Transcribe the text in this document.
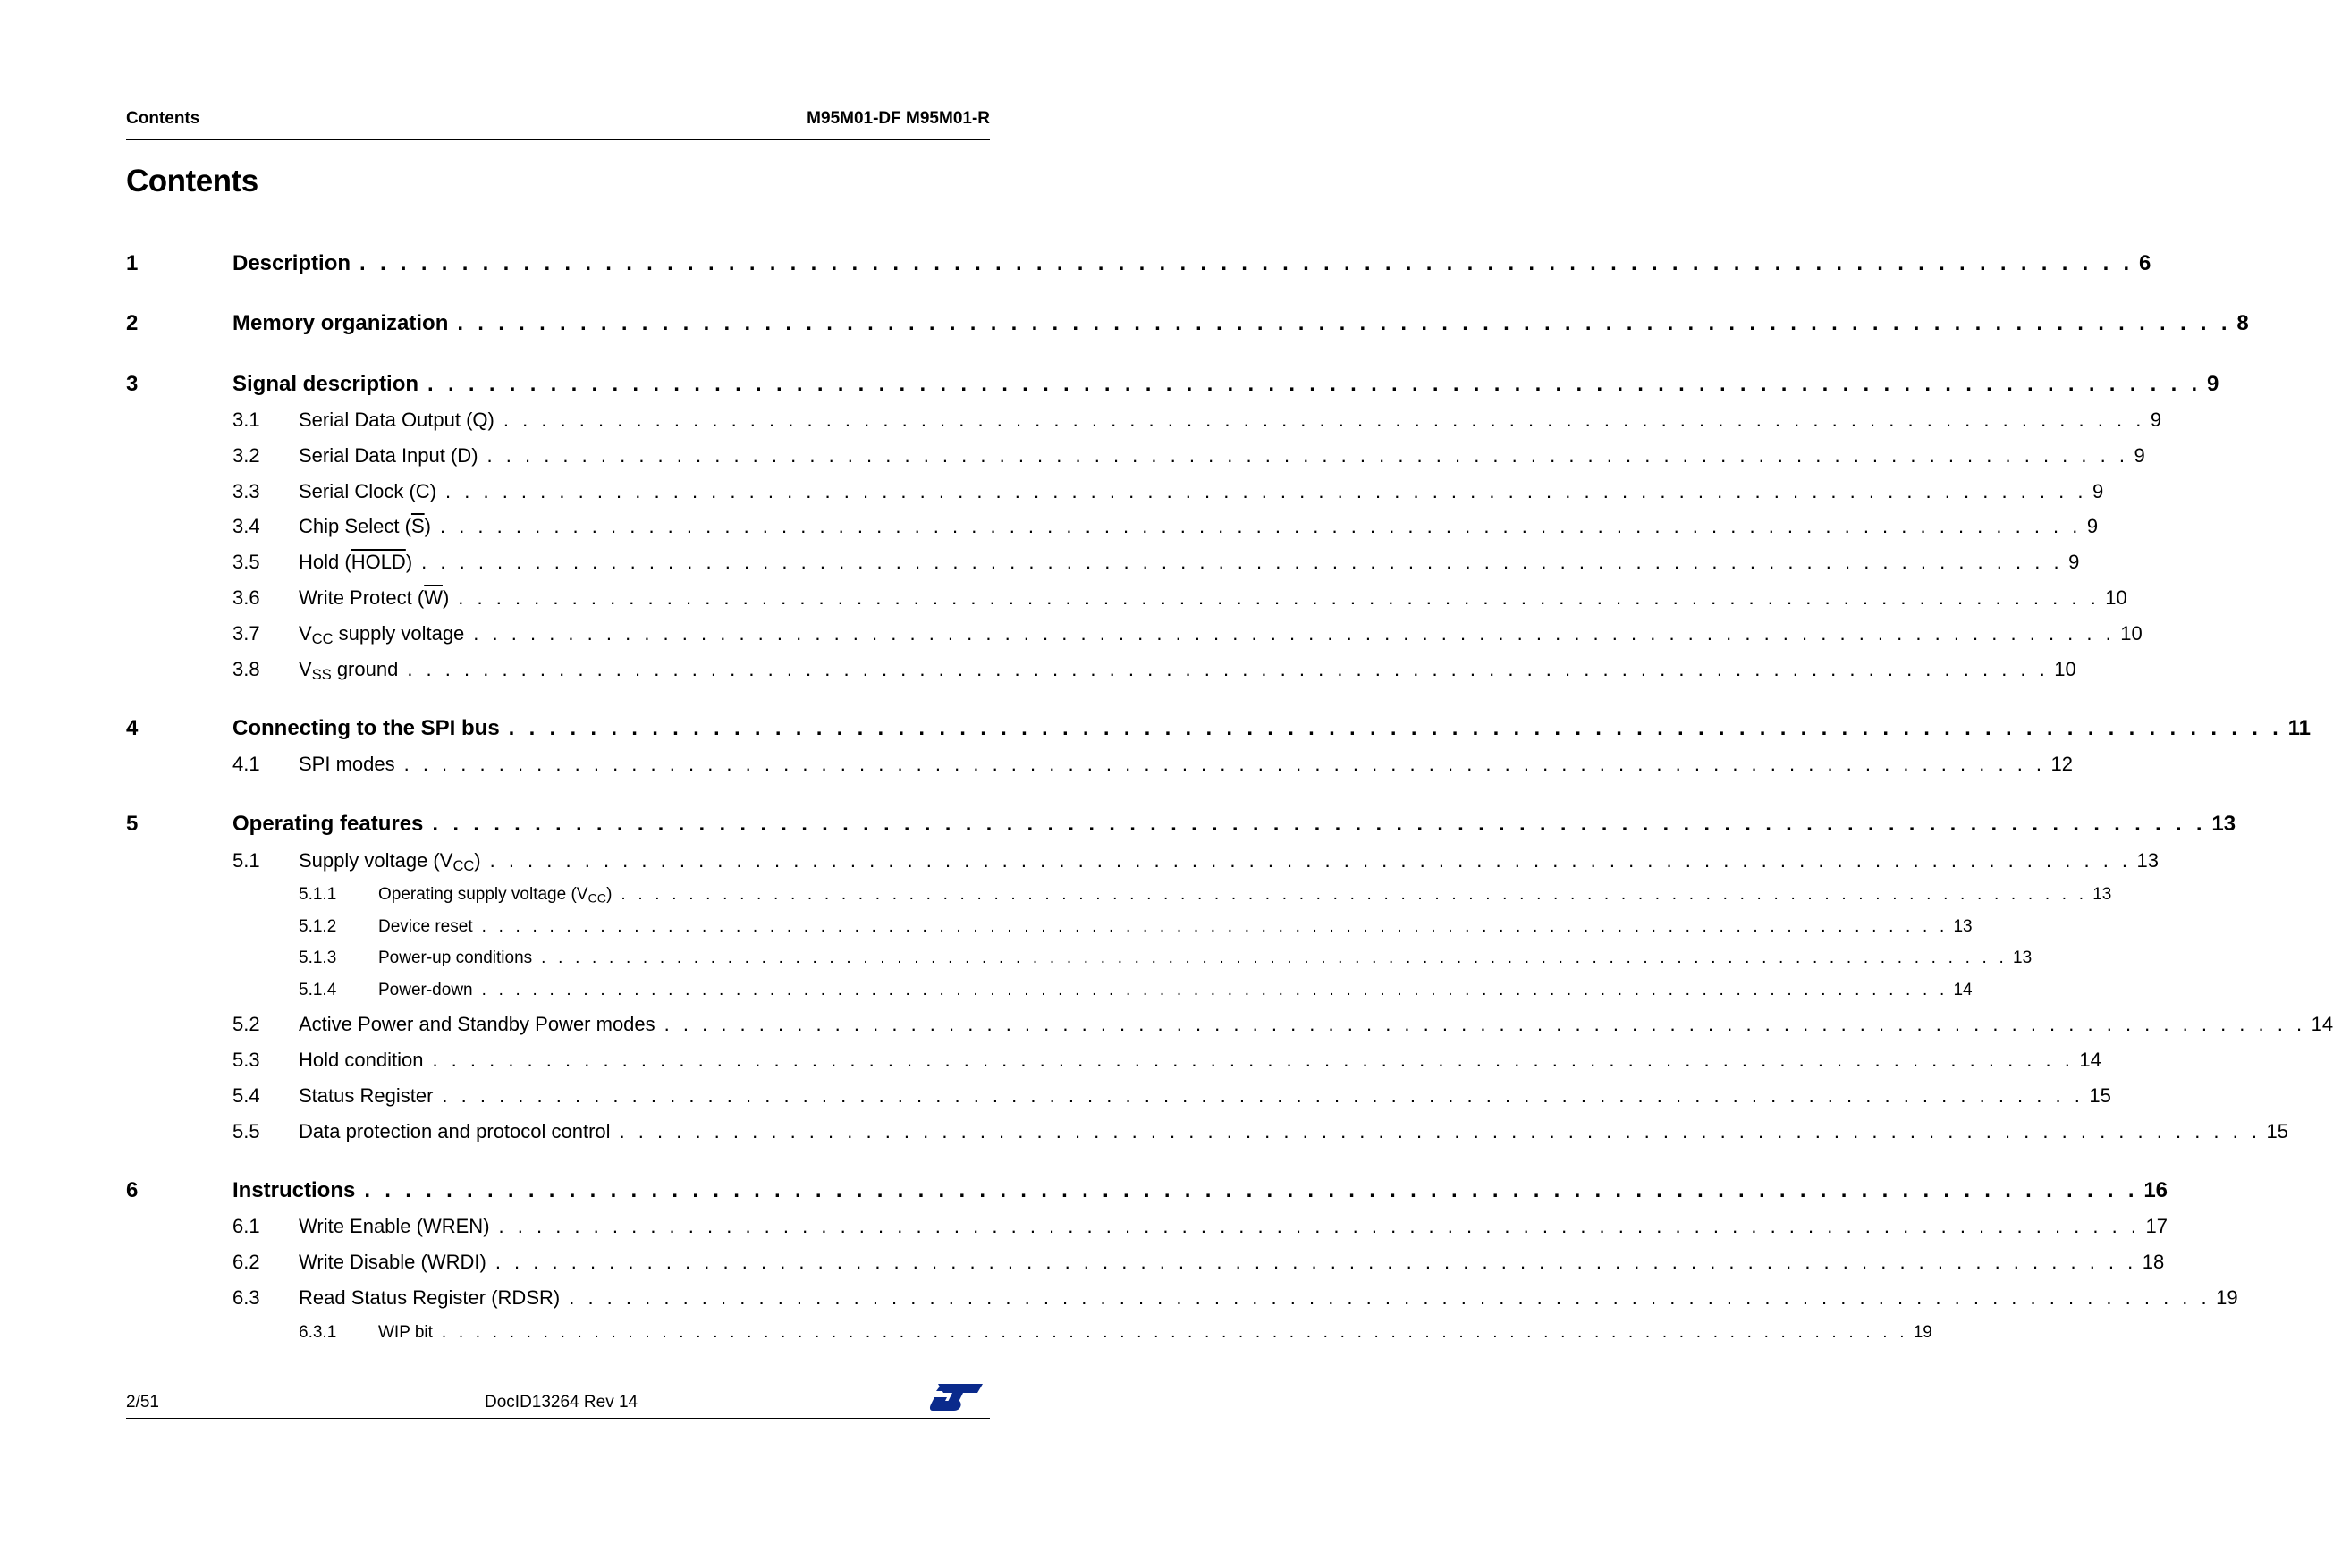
Contents	M95M01-DF M95M01-R
Contents
1	Description . . . . . . . . . . . . . . . . . . . . . . . . . . . . . . . . . . . . . . . . . . . . . . . . . . . . . . . . . . . . . . . . . . . . . . . . . . . . . . . . . . . . . . . 6
2	Memory organization . . . . . . . . . . . . . . . . . . . . . . . . . . . . . . . . . . . . . . . . . . . . . . . . . . . . . . . . . . . . . . . . . . . . . . . . . . . . . . . . . . . . . . . 8
3	Signal description . . . . . . . . . . . . . . . . . . . . . . . . . . . . . . . . . . . . . . . . . . . . . . . . . . . . . . . . . . . . . . . . . . . . . . . . . . . . . . . . . . . . . . . 9
3.1	Serial Data Output (Q) . . . . . . . . . . . . . . . . . . . . . . . . . . . . . . . . . . . . . . . . . . . . . . . . . . . . . . . . . . . . . . . . . . . . . . . . . . . . . . . . . . . . . . . 9
3.2	Serial Data Input (D) . . . . . . . . . . . . . . . . . . . . . . . . . . . . . . . . . . . . . . . . . . . . . . . . . . . . . . . . . . . . . . . . . . . . . . . . . . . . . . . . . . . . . . . 9
3.3	Serial Clock (C) . . . . . . . . . . . . . . . . . . . . . . . . . . . . . . . . . . . . . . . . . . . . . . . . . . . . . . . . . . . . . . . . . . . . . . . . . . . . . . . . . . . . . . . 9
3.4	Chip Select $(\overline{S})$ . . . . . . . . . . . . . . . . . . . . . . . . . . . . . . . . . . . . . . . . . . . . . . . . . . . . . . . . . . . . . . . . . . . . . . . . . . . . . . . . . . . . . . . 9
3.5	Hold (HOLD) . . . . . . . . . . . . . . . . . . . . . . . . . . . . . . . . . . . . . . . . . . . . . . . . . . . . . . . . . . . . . . . . . . . . . . . . . . . . . . . . . . . . . . . 9
3.6	Write Protect $(\overline{W})$ . . . . . . . . . . . . . . . . . . . . . . . . . . . . . . . . . . . . . . . . . . . . . . . . . . . . . . . . . . . . . . . . . . . . . . . . . . . . . . . . . . . . . . . 10
3.7	$V_{CC}$ supply voltage . . . . . . . . . . . . . . . . . . . . . . . . . . . . . . . . . . . . . . . . . . . . . . . . . . . . . . . . . . . . . . . . . . . . . . . . . . . . . . . . . . . . . . . 10
3.8	$V_{SS}$ ground . . . . . . . . . . . . . . . . . . . . . . . . . . . . . . . . . . . . . . . . . . . . . . . . . . . . . . . . . . . . . . . . . . . . . . . . . . . . . . . . . . . . . . . 10
4	Connecting to the SPI bus . . . . . . . . . . . . . . . . . . . . . . . . . . . . . . . . . . . . . . . . . . . . . . . . . . . . . . . . . . . . . . . . . . . . . . . . . . . . . . . . . . . . . . . 11
4.1	SPI modes . . . . . . . . . . . . . . . . . . . . . . . . . . . . . . . . . . . . . . . . . . . . . . . . . . . . . . . . . . . . . . . . . . . . . . . . . . . . . . . . . . . . . . . 12
5	Operating features . . . . . . . . . . . . . . . . . . . . . . . . . . . . . . . . . . . . . . . . . . . . . . . . . . . . . . . . . . . . . . . . . . . . . . . . . . . . . . . . . . . . . . . 13
5.1	Supply voltage $(V_{CC})$ . . . . . . . . . . . . . . . . . . . . . . . . . . . . . . . . . . . . . . . . . . . . . . . . . . . . . . . . . . . . . . . . . . . . . . . . . . . . . . . . . . . . . . . 13
5.1.1	Operating supply voltage $(V_{CC})$ . . . . . . . . . . . . . . . . . . . . . . . . . . . . . . . . . . . . . . . . . . . . . . . . . . . . . . . . . . . . . . . . . . . . . . . . . . . . . . . . . . . . . . . 13
5.1.2	Device reset . . . . . . . . . . . . . . . . . . . . . . . . . . . . . . . . . . . . . . . . . . . . . . . . . . . . . . . . . . . . . . . . . . . . . . . . . . . . . . . . . . . . . . . 13
5.1.3	Power-up conditions . . . . . . . . . . . . . . . . . . . . . . . . . . . . . . . . . . . . . . . . . . . . . . . . . . . . . . . . . . . . . . . . . . . . . . . . . . . . . . . . . . . . . . . 13
5.1.4	Power-down . . . . . . . . . . . . . . . . . . . . . . . . . . . . . . . . . . . . . . . . . . . . . . . . . . . . . . . . . . . . . . . . . . . . . . . . . . . . . . . . . . . . . . . 14
5.2	Active Power and Standby Power modes . . . . . . . . . . . . . . . . . . . . . . . . . . . . . . . . . . . . . . . . . . . . . . . . . . . . . . . . . . . . . . . . . . . . . . . . . . . . . . . . . . . . . . . 14
5.3	Hold condition . . . . . . . . . . . . . . . . . . . . . . . . . . . . . . . . . . . . . . . . . . . . . . . . . . . . . . . . . . . . . . . . . . . . . . . . . . . . . . . . . . . . . . . 14
5.4	Status Register . . . . . . . . . . . . . . . . . . . . . . . . . . . . . . . . . . . . . . . . . . . . . . . . . . . . . . . . . . . . . . . . . . . . . . . . . . . . . . . . . . . . . . . 15
5.5	Data protection and protocol control . . . . . . . . . . . . . . . . . . . . . . . . . . . . . . . . . . . . . . . . . . . . . . . . . . . . . . . . . . . . . . . . . . . . . . . . . . . . . . . . . . . . . . . 15
6	Instructions . . . . . . . . . . . . . . . . . . . . . . . . . . . . . . . . . . . . . . . . . . . . . . . . . . . . . . . . . . . . . . . . . . . . . . . . . . . . . . . . . . . . . . . 16
6.1	Write Enable (WREN) . . . . . . . . . . . . . . . . . . . . . . . . . . . . . . . . . . . . . . . . . . . . . . . . . . . . . . . . . . . . . . . . . . . . . . . . . . . . . . . . . . . . . . . 17
6.2	Write Disable (WRDI) . . . . . . . . . . . . . . . . . . . . . . . . . . . . . . . . . . . . . . . . . . . . . . . . . . . . . . . . . . . . . . . . . . . . . . . . . . . . . . . . . . . . . . . 18
6.3	Read Status Register (RDSR) . . . . . . . . . . . . . . . . . . . . . . . . . . . . . . . . . . . . . . . . . . . . . . . . . . . . . . . . . . . . . . . . . . . . . . . . . . . . . . . . . . . . . . . 19
6.3.1	WIP bit . . . . . . . . . . . . . . . . . . . . . . . . . . . . . . . . . . . . . . . . . . . . . . . . . . . . . . . . . . . . . . . . . . . . . . . . . . . . . . . . . . . . . . . 19
2/51	DocID13264 Rev 14
